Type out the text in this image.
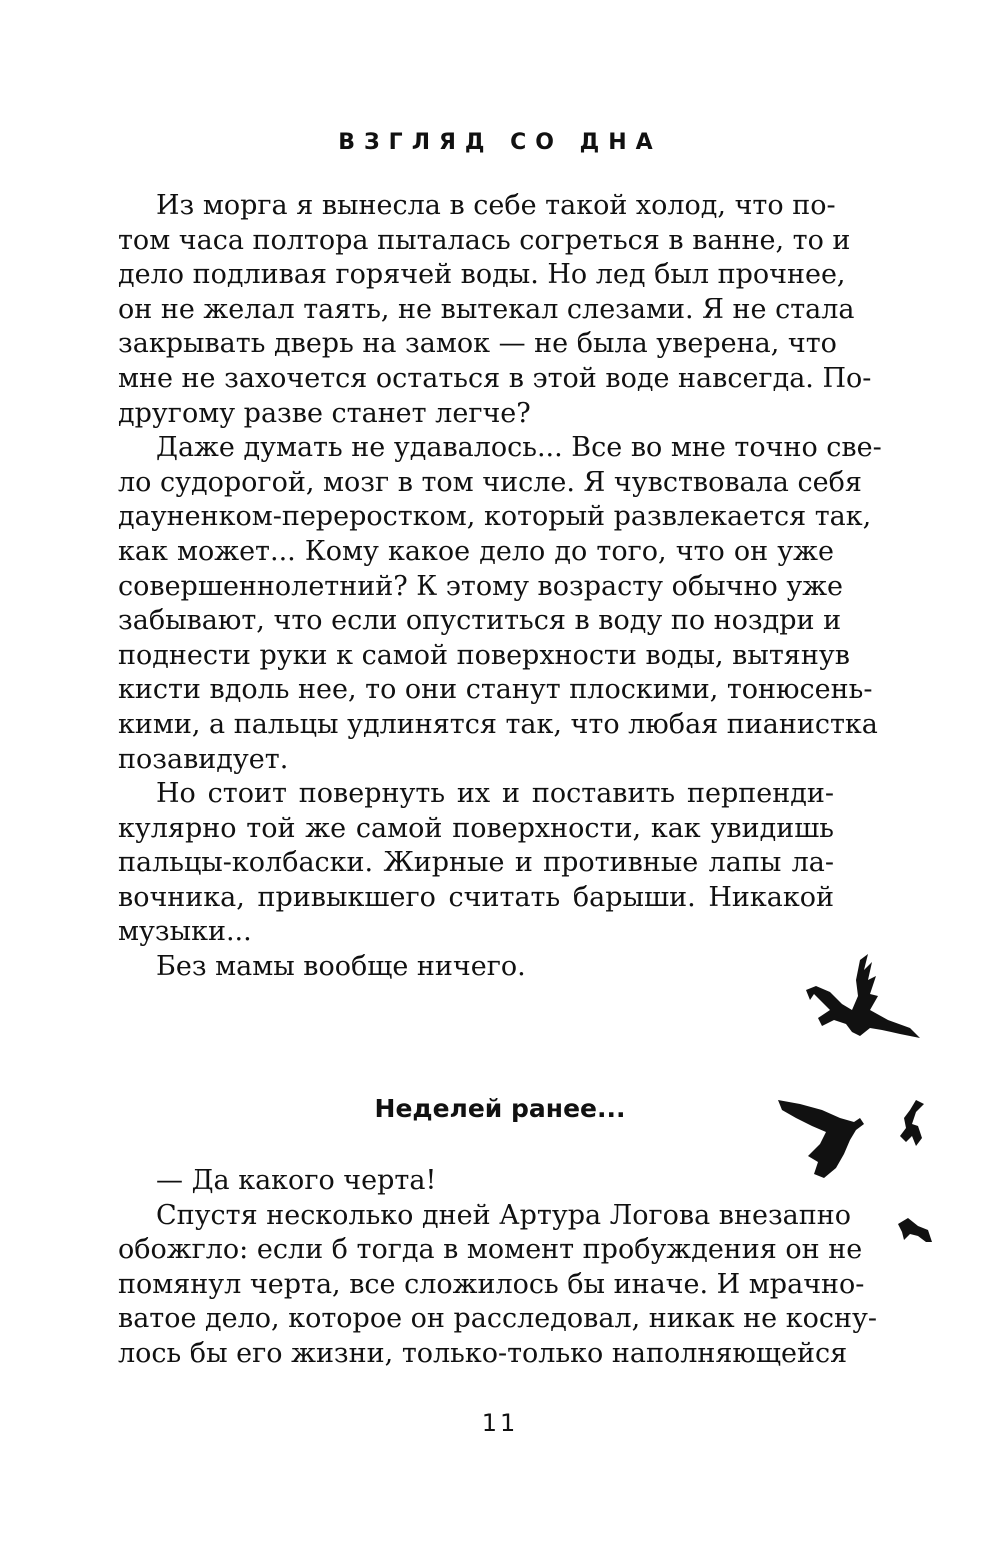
ВЗГЛЯД СО ДНА
Из морга я вынесла в себе такой холод, что по-
том часа полтора пыталась согреться в ванне, то и
дело подливая горячей воды. Но лед был прочнее,
он не желал таять, не вытекал слезами. Я не стала
закрывать дверь на замок — не была уверена, что
мне не захочется остаться в этой воде навсегда. По-
другому разве станет легче?
Даже думать не удавалось... Все во мне точно све-
ло судорогой, мозг в том числе. Я чувствовала себя
дауненком-переростком, который развлекается так,
как может... Кому какое дело до того, что он уже
совершеннолетний? К этому возрасту обычно уже
забывают, что если опуститься в воду по ноздри и
поднести руки к самой поверхности воды, вытянув
кисти вдоль нее, то они станут плоскими, тонюсень-
кими, а пальцы удлинятся так, что любая пианистка
позавидует.
Но стоит повернуть их и поставить перпенди-
кулярно той же самой поверхности, как увидишь
пальцы-колбаски. Жирные и противные лапы ла-
вочника, привыкшего считать барыши. Никакой
музыки...
Без мамы вообще ничего.
Неделей ранее...
— Да какого черта!
Спустя несколько дней Артура Логова внезапно
обожгло: если б тогда в момент пробуждения он не
помянул черта, все сложилось бы иначе. И мрачно-
ватое дело, которое он расследовал, никак не косну-
лось бы его жизни, только-только наполняющейся
11
